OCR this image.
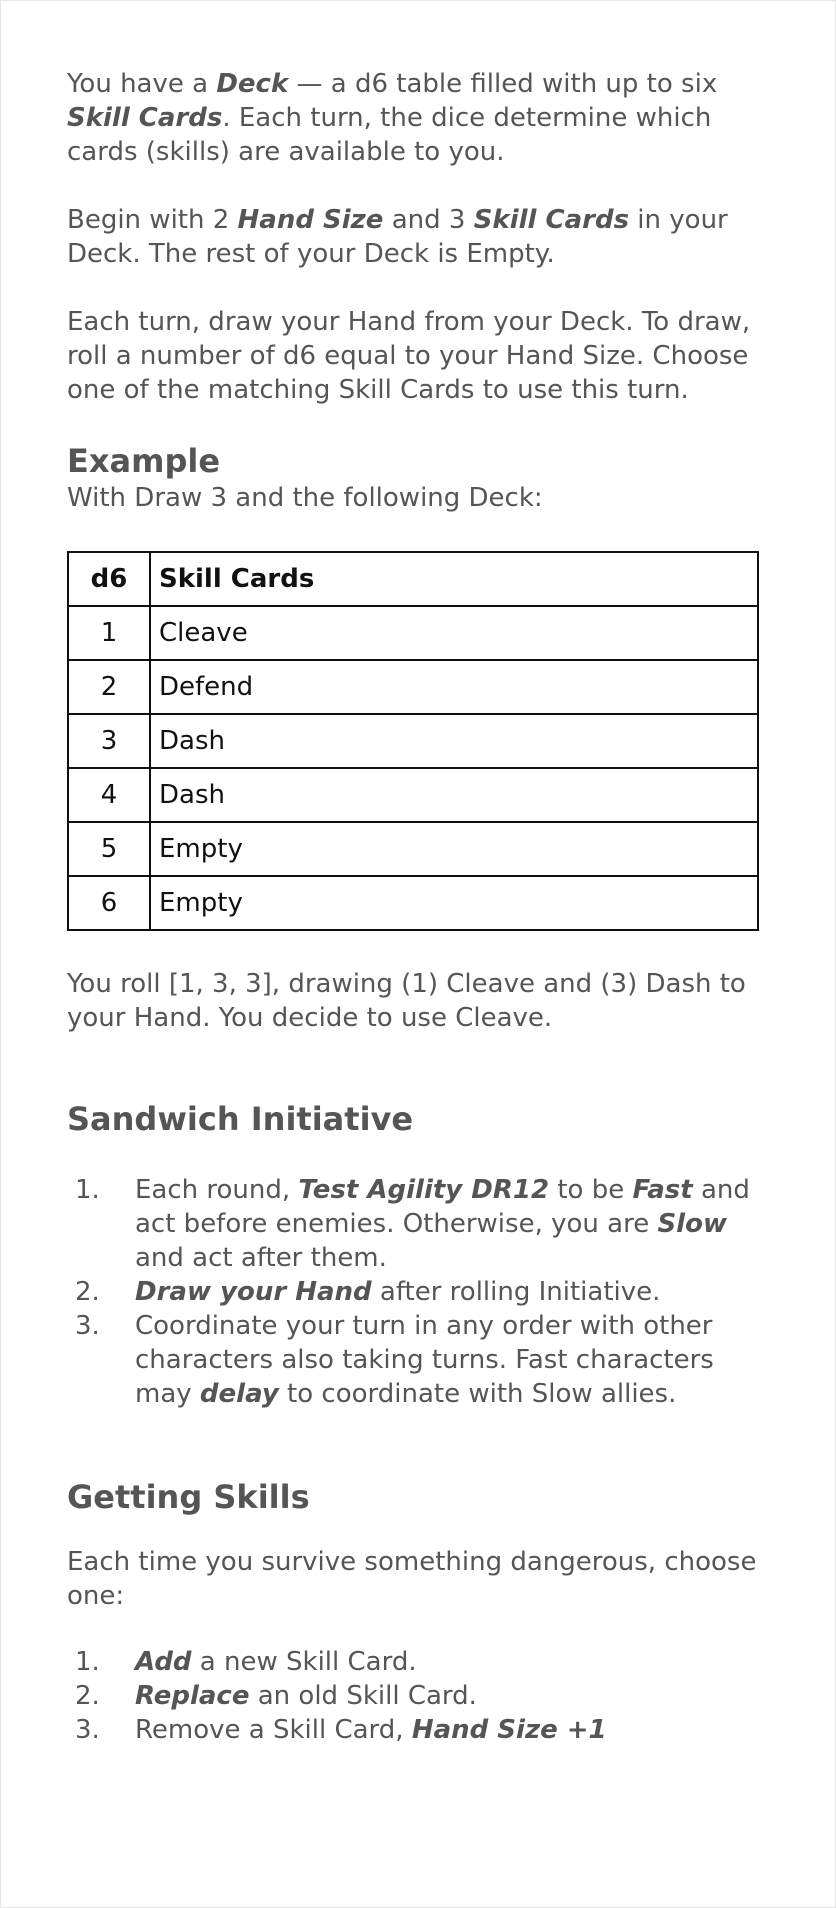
You have a Deck — a d6 table filled with up to six Skill Cards. Each turn, the dice determine which cards (skills) are available to you.

Begin with 2 Hand Size and 3 Skill Cards in your Deck. The rest of your Deck is Empty.

Each turn, draw your Hand from your Deck. To draw, roll a number of d6 equal to your Hand Size. Choose one of the matching Skill Cards to use this turn.

Example

With Draw 3 and the following Deck:

d6	Skill Cards
1	Cleave
2	Defend
3	Dash
4	Dash
5	Empty
6	Empty

You roll [1, 3, 3], drawing (1) Cleave and (3) Dash to your Hand. You decide to use Cleave.

Sandwich Initiative
1. Each round, Test Agility DR12 to be Fast and act before enemies. Otherwise, you are Slow and act after them.
2. Draw your Hand after rolling Initiative.
3. Coordinate your turn in any order with other characters also taking turns. Fast characters may delay to coordinate with Slow allies.
Getting Skills

Each time you survive something dangerous, choose one:

1. Add a new Skill Card.
2. Replace an old Skill Card.
3. Remove a Skill Card, Hand Size +1
